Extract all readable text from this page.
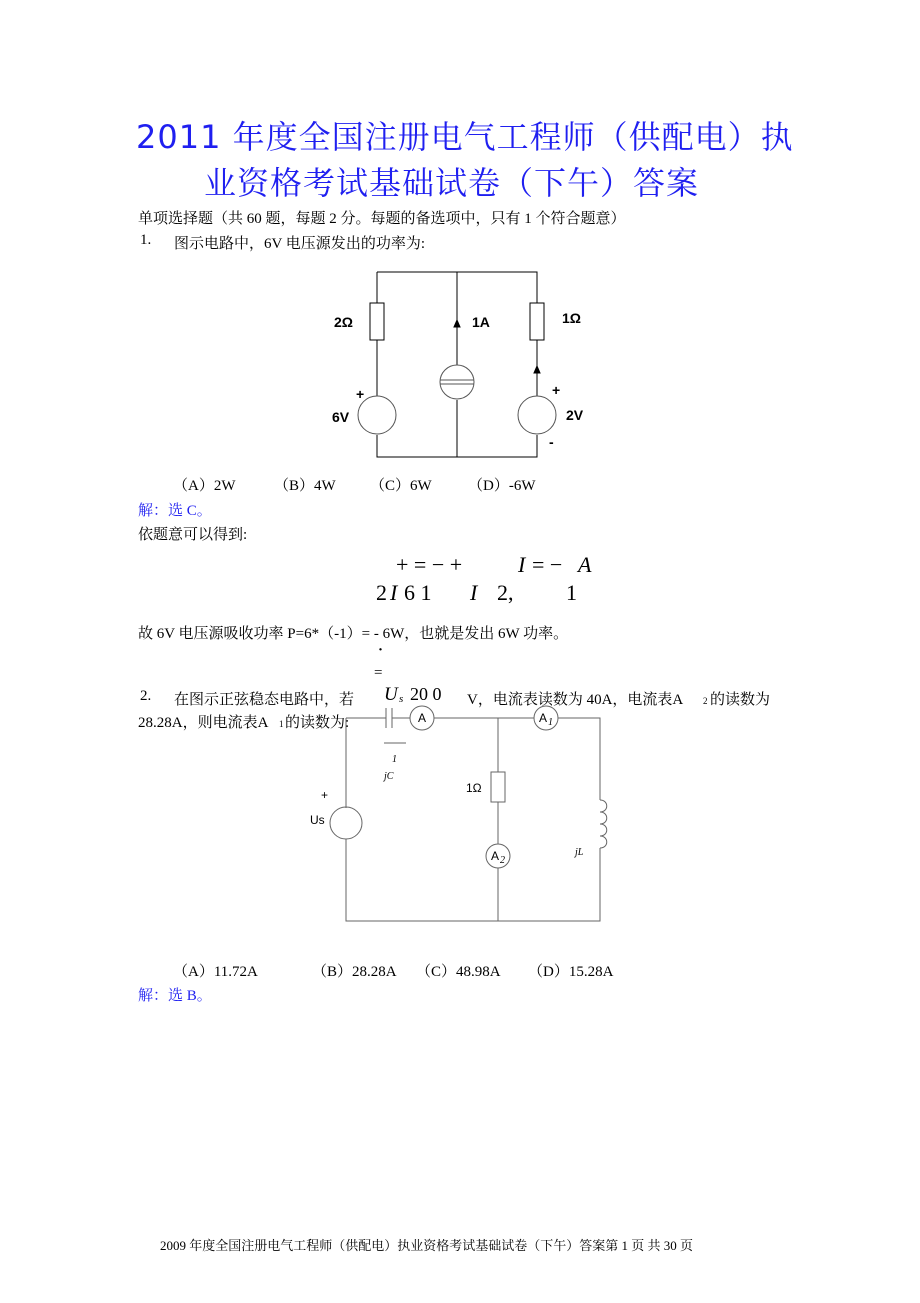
2011 年度全国注册电气工程师（供配电）执
业资格考试基础试卷（下午）答案
单项选择题（共 60 题，每题 2 分。每题的备选项中，只有 1 个符合题意）
1. 图示电路中，6V 电压源发出的功率为:
2Ω	1A	1Ω
+
6V
+
2V
-
（A）2W	（B）4W （C）6W （D）-6W
解：选 C。
依题意可以得到:
+ = − +	I = − A
2 I 6 1 I 2, 1
故 6V 电压源吸收功率 P=6*（-1）= - 6W，也就是发出 6W 功率。
·
=
2. 在图示正弦稳态电路中，若 U s 20 0 V，电流表读数为 40A，电流表A 2 的读数为
28.28A，则电流表A 1 的读数为:	A	A 1
A 2
1Ω
1
jC
jL
Us
+
（A）11.72A	（B）28.28A （C）48.98A （D）15.28A
解：选 B。
2009 年度全国注册电气工程师（供配电）执业资格考试基础试卷（下午）答案第 1 页 共 30 页
